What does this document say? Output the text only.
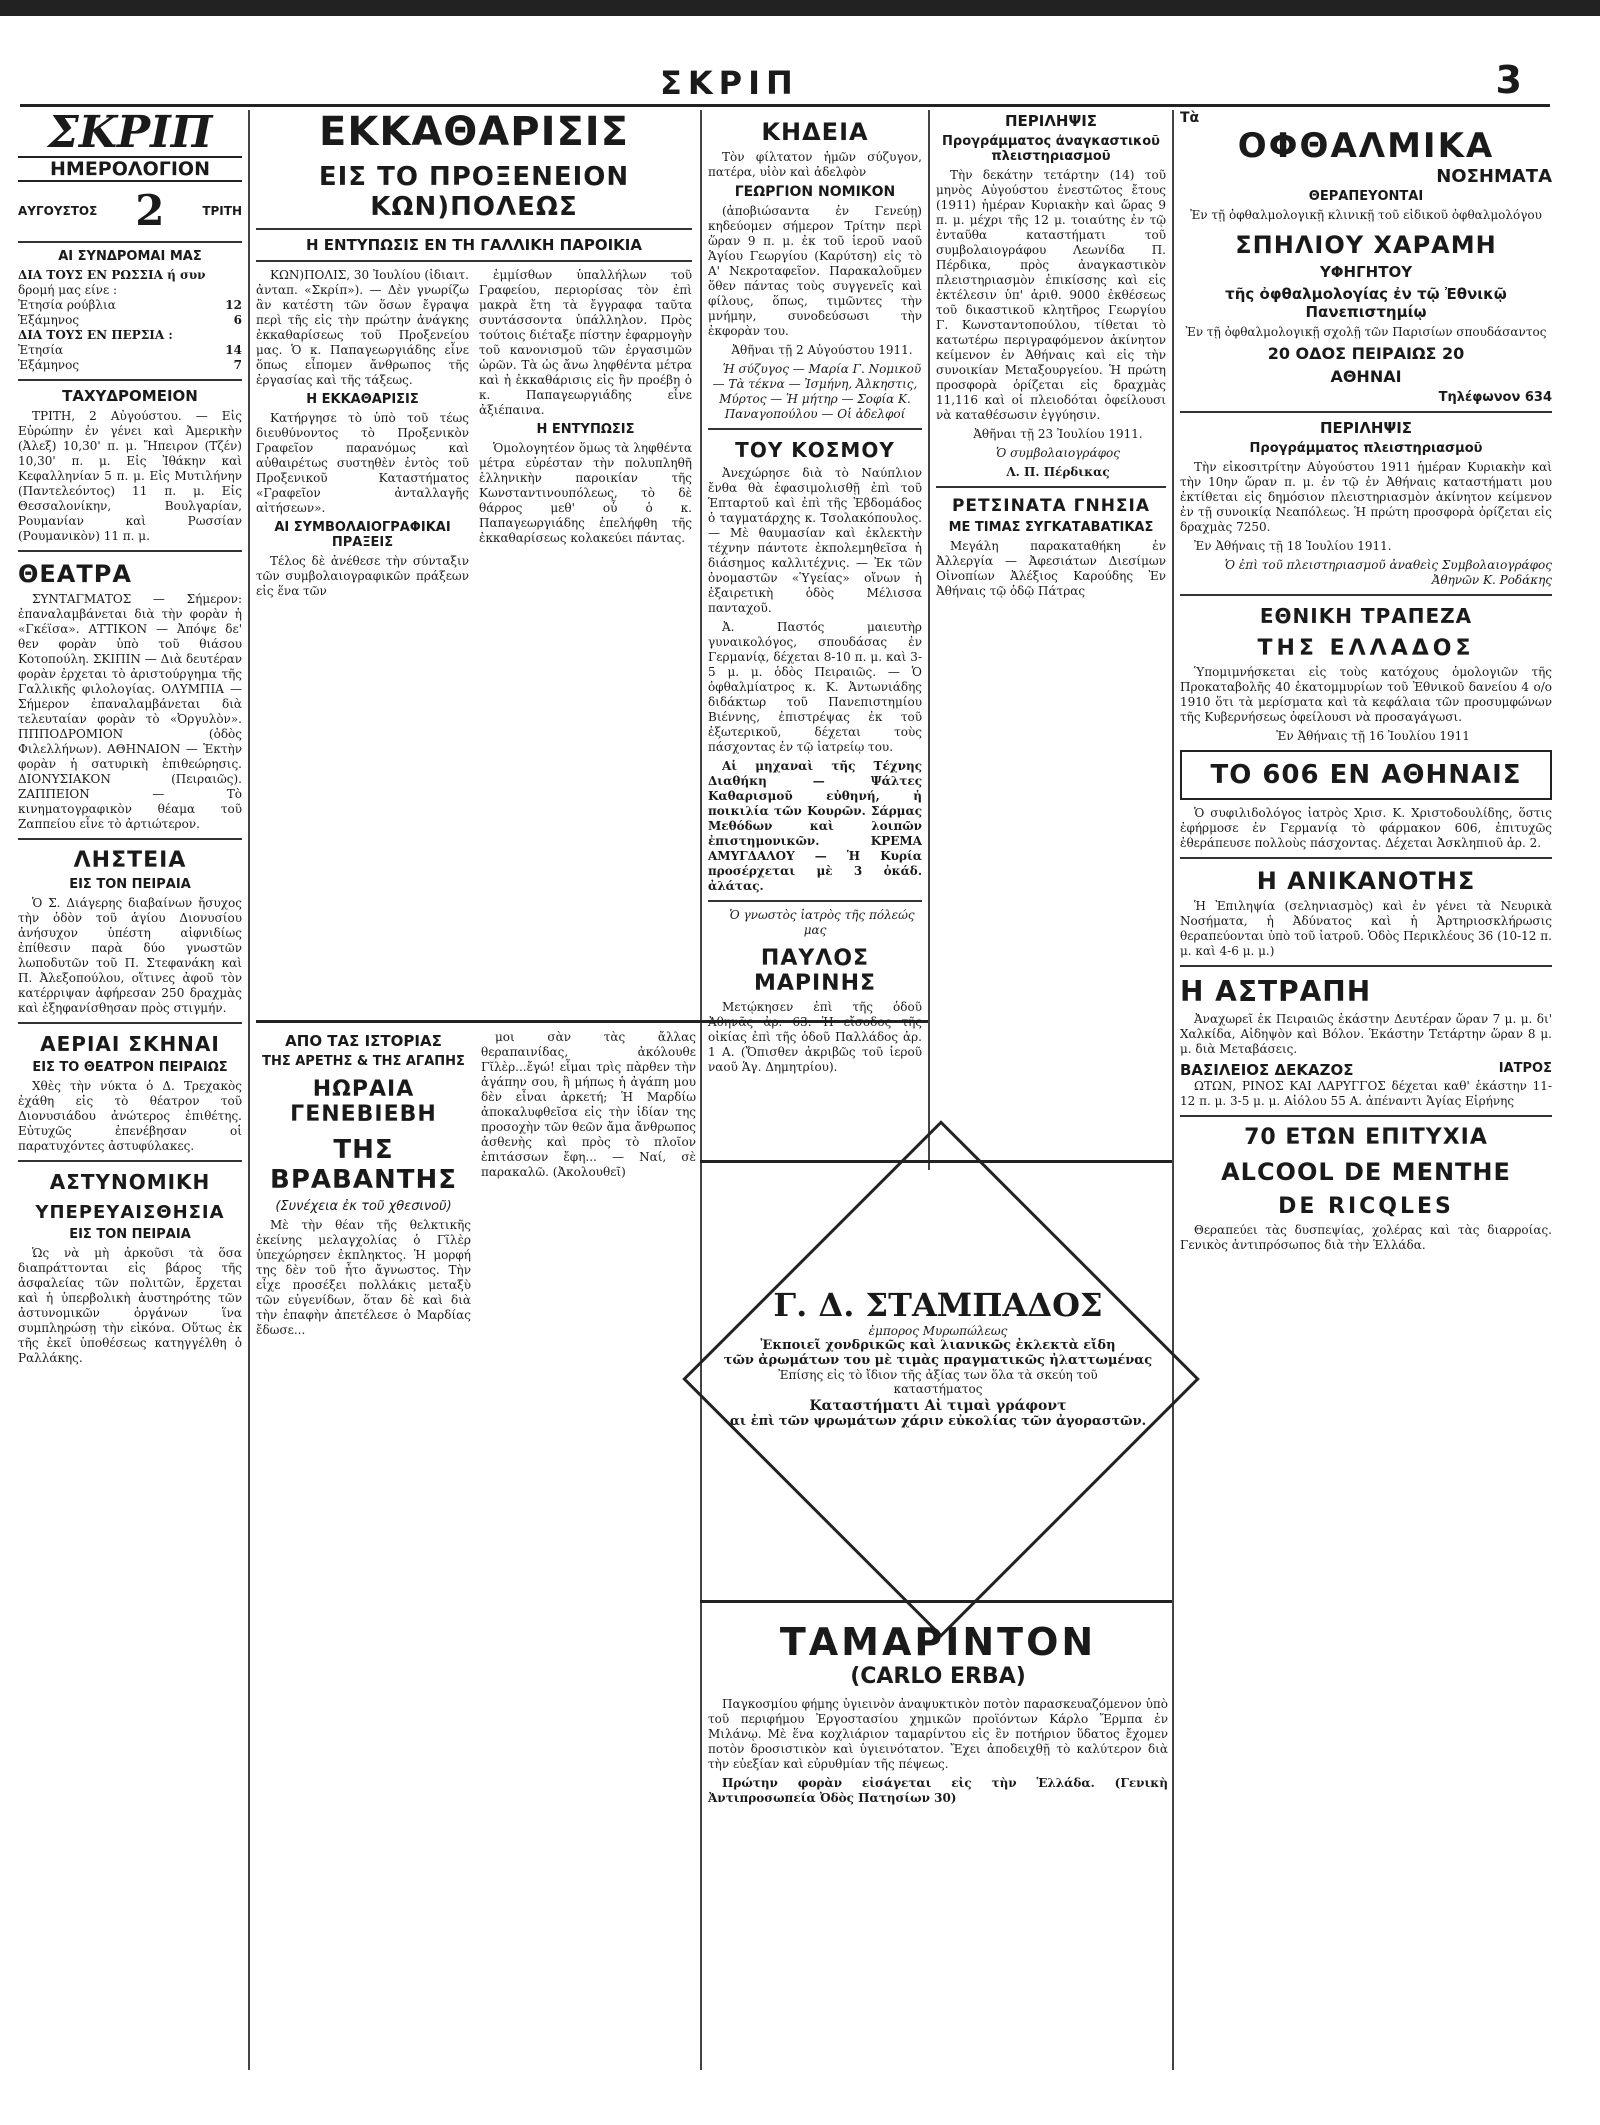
ΣΚΡΙΠ	3
ΣΚΡΙΠ
ΗΜΕΡΟΛΟΓΙΟΝ
ΑΥΓΟΥΣΤΟΣ 2	ΤΡΙΤΗ
ΑΙ ΣΥΝΔΡΟΜΑΙ ΜΑΣ
ΔΙΑ ΤΟΥΣ ΕΝ ΡΩΣΣΙΑ ή συν
δρομή μας είνε :
Ἐτησία ρούβλια	12
Ἑξάμηνος	6
ΔΙΑ ΤΟΥΣ ΕΝ ΠΕΡΣΙΑ :
Ἐτησία	14
Ἑξάμηνος	7
ΤΑΧΥΔΡΟΜΕΙΟΝ

ΤΡΙΤΗ, 2 Αὐγούστου. — Εἰς Εὐρώπην ἐν γένει καὶ Ἀμερικὴν (Ἀλεξ) 10,30' π. μ. Ἤπειρον (Τζέν) 10,30' π. μ. Εἰς Ἰθάκην καὶ Κεφαλληνίαν 5 π. μ. Εἰς Μυτιλήνην (Παντελεόντος) 11 π. μ. Εἰς Θεσσαλονίκην, Βουλγαρίαν, Ρουμανίαν καὶ Ρωσσίαν (Ρουμανικὸν) 11 π. μ.

ΘΕΑΤΡΑ

ΣΥΝΤΑΓΜΑΤΟΣ — Σήμερον: ἐπαναλαμβάνεται διὰ τὴν φορὰν ἡ «Γκέϊσα». ΑΤΤΙΚΟΝ — Ἀπόψε δε' θεν φορὰν ὑπὸ τοῦ θιάσου Κοτοπούλη. ΣΚΙΠΙΝ — Διὰ δευτέραν φορὰν ἐρχεται τὸ ἀριστούργημα τῆς Γαλλικῆς φιλολογίας. ΟΛΥΜΠΙΑ — Σήμερον ἐπαναλαμβάνεται διὰ τελευταίαν φορὰν τὸ «Ὀργυλὸν». ΠΠΠΟΔΡΟΜΙΟΝ (ὁδὸς Φιλελλήνων). ΑΘΗΝΑΙΟΝ — Ἑκτὴν φορὰν ἡ σατυρικὴ ἐπιθεώρησις. ΔΙΟΝΥΣΙΑΚΟΝ (Πειραιῶς). ΖΑΠΠΕΙΟΝ — Τὸ κινηματογραφικὸν θέαμα τοῦ Ζαππείου εἶνε τὸ ἀρτιώτερον.

ΛΗΣΤΕΙΑ
ΕΙΣ ΤΟΝ ΠΕΙΡΑΙΑ

Ὁ Σ. Διάγερης διαβαίνων ἤσυχος τὴν ὁδὸν τοῦ ἁγίου Διονυσίου ἀνήσυχον ὑπέστη αἰφνιδίως ἐπίθεσιν παρὰ δύο γνωστῶν λωποδυτῶν τοῦ Π. Στεφανάκη καὶ Π. Ἀλεξοπούλου, οἵτινες ἀφοῦ τὸν κατέρριψαν ἀφήρεσαν 250 δραχμὰς καὶ ἐξηφανίσθησαν πρὸς στιγμήν.

ΑΕΡΙΑΙ ΣΚΗΝΑΙ
ΕΙΣ ΤΟ ΘΕΑΤΡΟΝ ΠΕΙΡΑΙΩΣ

Χθὲς τὴν νύκτα ὁ Δ. Τρεχακὸς ἐχάθη εἰς τὸ θέατρον τοῦ Διονυσιάδου ἀνώτερος ἐπιθέτης. Εὐτυχῶς ἐπενέβησαν οἱ παρατυχόντες ἀστυφύλακες.

ΑΣΤΥΝΟΜΙΚΗ
ΥΠΕΡΕΥΑΙΣΘΗΣΙΑ
ΕΙΣ ΤΟΝ ΠΕΙΡΑΙΑ

Ὡς νὰ μὴ ἀρκοῦσι τὰ ὅσα διαπράττονται εἰς βάρος τῆς ἀσφαλείας τῶν πολιτῶν, ἔρχεται καὶ ἡ ὑπερβολικὴ ἀυστηρότης τῶν ἀστυνομικῶν ὀργάνων ἵνα συμπληρώσῃ τὴν εἰκόνα. Οὕτως ἐκ τῆς ἐκεῖ ὑποθέσεως κατηγγέλθη ὁ Ραλλάκης.

ΕΚΚΑΘΑΡΙΣΙΣ
ΕΙΣ ΤΟ ΠΡΟΞΕΝΕΙΟΝ ΚΩΝ)ΠΟΛΕΩΣ
Η ΕΝΤΥΠΩΣΙΣ ΕΝ ΤΗ ΓΑΛΛΙΚΗ ΠΑΡΟΙΚΙΑ

ΚΩΝ)ΠΟΛΙΣ, 30 Ἰουλίου (ἰδιαιτ. ἀνταπ. «Σκρίπ»). — Δὲν γνωρίζω ἂν κατέστη τῶν ὅσων ἔγραψα περὶ τῆς εἰς τὴν πρώτην ἀνάγκης ἐκκαθαρίσεως τοῦ Προξενείου μας. Ὁ κ. Παπαγεωργιάδης εἶνε ὅπως εἶπομεν ἄνθρωπος τῆς ἐργασίας καὶ τῆς τάξεως.

Η ΕΚΚΑΘΑΡΙΣΙΣ

Κατήργησε τὸ ὑπὸ τοῦ τέως διευθύνοντος τὸ Προξενικὸν Γραφεῖον παρανόμως καὶ αὐθαιρέτως συστηθὲν ἐντὸς τοῦ Προξενικοῦ Καταστήματος «Γραφεῖον ἀνταλλαγῆς αἰτήσεων».

ΑΙ ΣΥΜΒΟΛΑΙΟΓΡΑΦΙΚΑΙ ΠΡΑΞΕΙΣ

Τέλος δὲ ἀνέθεσε τὴν σύνταξιν τῶν συμβολαιογραφικῶν πράξεων εἰς ἕνα τῶν

ἐμμίσθων ὑπαλλήλων τοῦ Γραφείου, περιορίσας τὸν ἐπὶ μακρὰ ἔτη τὰ ἔγγραφα ταῦτα συντάσσοντα ὑπάλληλον. Πρὸς τούτοις διέταξε πίστην ἐφαρμογὴν τοῦ κανονισμοῦ τῶν ἐργασιμῶν ὡρῶν. Τὰ ὡς ἄνω ληφθέντα μέτρα καὶ ἡ ἐκκαθάρισις εἰς ἣν προέβη ὁ κ. Παπαγεωργιάδης εἶνε ἀξιέπαινα.

Η ΕΝΤΥΠΩΣΙΣ

Ὁμολογητέον ὅμως τὰ ληφθέντα μέτρα εὐρέσταν τὴν πολυπληθῆ ἑλληνικὴν παροικίαν τῆς Κωνσταντινουπόλεως, τὸ δὲ θάρρος μεθ' οὗ ὁ κ. Παπαγεωργιάδης ἐπελήφθη τῆς ἐκκαθαρίσεως κολακεύει πάντας.

ΑΠΟ ΤΑΣ ΙΣΤΟΡΙΑΣ
ΤΗΣ ΑΡΕΤΗΣ & ΤΗΣ ΑΓΑΠΗΣ
ΗΩΡΑΙΑ ΓΕΝΕΒΙΕΒΗ
ΤΗΣ ΒΡΑΒΑΝΤΗΣ
(Συνέχεια ἐκ τοῦ χθεσινοῦ)

Μὲ τὴν θέαν τῆς θελκτικῆς ἐκείνης μελαγχολίας ὁ Γῖλὲρ ὑπεχώρησεν ἐκπληκτος. Ἡ μορφή της δὲν τοῦ ἦτο ἄγνωστος. Τὴν εἶχε προσέξει πολλάκις μεταξὺ τῶν εὐγενίδων, ὅταν δὲ καὶ διὰ τὴν ἐπαφὴν ἀπετέλεσε ὁ Μαρδίας ἔδωσε...

μοι σὰν τὰς ἄλλας θεραπαινίδας, ἀκόλουθε Γῖλὲρ...ἔγώ! εἶμαι τρὶς πὰρθεν τὴν ἀγάπην σου, ἢ μήπως ἡ ἀγάπη μου δὲν εἶναι ἀρκετή; Ἡ Μαρδίω ἀποκαλυφθεῖσα εἰς τὴν ἰδίαν της προσοχὴν τῶν θεῶν ἄμα ἄνθρωπος ἀσθενὴς καὶ πρὸς τὸ πλοῖον ἐπιτάσσων ἔφη... — Ναί, σὲ παρακαλῶ. (Ἀκολουθεῖ)

ΚΗΔΕΙΑ

Τὸν φίλτατον ἡμῶν σύζυγον, πατέρα, υἱὸν καὶ ἀδελφὸν

ΓΕΩΡΓΙΟΝ ΝΟΜΙΚΟΝ

(ἀποβιώσαντα ἐν Γενεύῃ) κηδεύομεν σήμερον Τρίτην περὶ ὥραν 9 π. μ. ἐκ τοῦ ἱεροῦ ναοῦ Ἁγίου Γεωργίου (Καρύτση) εἰς τὸ Α' Νεκροταφεῖον. Παρακαλοῦμεν ὅθεν πάντας τοὺς συγγενεῖς καὶ φίλους, ὅπως, τιμῶντες τὴν μνήμην, συνοδεύσωσι τὴν ἐκφορὰν του.

Ἀθῆναι τῇ 2 Αὐγούστου 1911.

Ἡ σύζυγος — Μαρία Γ. Νομικοῦ — Τὰ τέκνα — Ἰσμήνη, Ἀλκηστις, Μύρτος — Ἡ μήτηρ — Σοφία Κ. Παναγοπούλου — Οἱ ἀδελφοί

ΤΟΥ ΚΟΣΜΟΥ

Ἀνεχώρησε διὰ τὸ Ναύπλιον ἔνθα θὰ ἐφασιμολισθῇ ἐπὶ τοῦ Ἑπταρτοῦ καὶ ἐπὶ τῆς Ἑβδομάδος ὁ ταγματάρχης κ. Τσολακόπουλος. — Μὲ θαυμασίαν καὶ ἐκλεκτὴν τέχνην πάντοτε ἐκπολεμηθεῖσα ἡ διάσημος καλλιτέχνις. — Ἐκ τῶν ὀνομαστῶν «Ὑγείας» οἴνων ἡ ἐξαιρετικὴ ὁδὸς Μέλισσα πανταχοῦ.

Ἀ. Παστός μαιευτὴρ γυναικολόγος, σπουδάσας ἐν Γερμανίᾳ, δέχεται 8-10 π. μ. καὶ 3-5 μ. μ. ὁδὸς Πειραιῶς. — Ὁ ὀφθαλμίατρος κ. Κ. Ἀντωνιάδης διδάκτωρ τοῦ Πανεπιστημίου Βιέννης, ἐπιστρέψας ἐκ τοῦ ἐξωτερικοῦ, δέχεται τοὺς πάσχοντας ἐν τῷ ἰατρείῳ του.

Αἱ μηχαναὶ τῆς Τέχνης Διαθήκη — Ψάλτες Καθαρισμοῦ εὐθηνή, ἡ ποικιλία τῶν Κουρῶν. Σάρμας Μεθόδων καὶ λοιπῶν ἐπιστημονικῶν. ΚΡΕΜΑ ΑΜΥΓΔΑΛΟΥ — Ἡ Κυρία προσέρχεται μὲ 3 ὀκάδ. ἀλάτας.

Ὁ γνωστὸς ἰατρὸς τῆς πόλεώς μας

ΠΑΥΛΟΣ ΜΑΡΙΝΗΣ

Μετῴκησεν ἐπὶ τῆς ὁδοῦ Ἀθηνᾶς ἀρ. 63. Ἡ εἴσοδος τῆς οἰκίας ἐπὶ τῆς ὁδοῦ Παλλάδος ἀρ. 1 Α. (Ὄπισθεν ἀκριβῶς τοῦ ἱεροῦ ναοῦ Ἁγ. Δημητρίου).

ΠΕΡΙΛΗΨΙΣ
Προγράμματος ἀναγκαστικοῦ πλειστηριασμοῦ

Τὴν δεκάτην τετάρτην (14) τοῦ μηνὸς Αὐγούστου ἐνεστῶτος ἔτους (1911) ἡμέραν Κυριακὴν καὶ ὥρας 9 π. μ. μέχρι τῆς 12 μ. τοιαύτης ἐν τῷ ἐνταῦθα καταστήματι τοῦ συμβολαιογράφου Λεωνίδα Π. Πέρδικα, πρὸς ἀναγκαστικὸν πλειστηριασμὸν ἐπικίσσης καὶ εἰς ἐκτέλεσιν ὑπ' ἀριθ. 9000 ἐκθέσεως τοῦ δικαστικοῦ κλητῆρος Γεωργίου Γ. Κωνσταντοπούλου, τίθεται τὸ κατωτέρω περιγραφόμενον ἀκίνητον κείμενον ἐν Ἀθήναις καὶ εἰς τὴν συνοικίαν Μεταξουργείου. Ἡ πρώτη προσφορὰ ὁρίζεται εἰς δραχμὰς 11,116 καὶ οἱ πλειοδόται ὀφείλουσι νὰ καταθέσωσιν ἐγγύησιν.

Ἀθῆναι τῇ 23 Ἰουλίου 1911.

Ὁ συμβολαιογράφος

Λ. Π. Πέρδικας

ΡΕΤΣΙΝΑΤΑ ΓΝΗΣΙΑ
ΜΕ ΤΙΜΑΣ ΣΥΓΚΑΤΑΒΑΤΙΚΑΣ

Μεγάλη παρακαταθήκη ἐν Ἀλλεργία — Ἀφεσιάτων Διεσίμων Οἰνοπίων Ἀλέξιος Καρούδης Ἐν Ἀθήναις τῷ ὁδῷ Πάτρας

Γ. Δ. ΣΤΑΜΠΑΔΟΣ
ἐμπορος Μυρωπώλεως
Ἐκποιεῖ χονδρικῶς καὶ λιανικῶς ἐκλεκτὰ εἴδη
τῶν ἀρωμάτων του μὲ τιμὰς πραγματικῶς ἠλαττωμένας
Ἐπίσης εἰς τὸ ἴδιον τῆς ἀξίας των ὅλα τὰ σκεύη τοῦ καταστήματος
Καταστήματι Αἰ τιμαὶ γράφοντ
αι ἐπὶ τῶν ψρωμάτων χάριν εὐκολίας τῶν ἀγοραστῶν.
ΤΑΜΑΡΙΝΤΟΝ
(CARLO ERBA)

Παγκοσμίου φήμης ὑγιεινὸν ἀναψυκτικὸν ποτὸν παρασκευαζόμενον ὑπὸ τοῦ περιφήμου Ἐργοστασίου χημικῶν προϊόντων Κάρλο Ἔρμπα ἐν Μιλάνῳ. Μὲ ἕνα κοχλιάριον ταμαρίντου εἰς ἓν ποτήριον ὕδατος ἔχομεν ποτὸν δροσιστικὸν καὶ ὑγιεινότατον. Ἔχει ἀποδειχθῇ τὸ καλύτερον διὰ τὴν εὐεξίαν καὶ εὐρυθμίαν τῆς πέψεως.

Πρώτην φορὰν εἰσάγεται εἰς τὴν Ἑλλάδα. (Γενικὴ Ἀντιπροσωπεία Ὀδὸς Πατησίων 30)

Τὰ
ΟΦΘΑΛΜΙΚΑ
ΝΟΣΗΜΑΤΑ
ΘΕΡΑΠΕΥΟΝΤΑΙ

Ἐν τῇ ὀφθαλμολογικῇ κλινικῇ τοῦ εἰδικοῦ ὀφθαλμολόγου

ΣΠΗΛΙΟΥ ΧΑΡΑΜΗ
ΥΦΗΓΗΤΟΥ
τῆς ὀφθαλμολογίας ἐν τῷ Ἐθνικῷ Πανεπιστημίῳ

Ἐν τῇ ὀφθαλμολογικῇ σχολῇ τῶν Παρισίων σπουδάσαντος

20 ΟΔΟΣ ΠΕΙΡΑΙΩΣ 20
ΑΘΗΝΑΙ
Τηλέφωνον 634
ΠΕΡΙΛΗΨΙΣ
Προγράμματος πλειστηριασμοῦ

Τὴν εἰκοσιτρίτην Αὐγούστου 1911 ἡμέραν Κυριακὴν καὶ τὴν 10ην ὥραν π. μ. ἐν τῷ ἐν Ἀθήναις καταστήματι μου ἐκτίθεται εἰς δημόσιον πλειστηριασμὸν ἀκίνητον κείμενον ἐν τῇ συνοικίᾳ Νεαπόλεως. Ἡ πρώτη προσφορὰ ὁρίζεται εἰς δραχμὰς 7250.

Ἐν Ἀθήναις τῇ 18 Ἰουλίου 1911.

Ὁ ἐπὶ τοῦ πλειστηριασμοῦ ἀναθεὶς Συμβολαιογράφος Ἀθηνῶν Κ. Ροδάκης

ΕΘΝΙΚΗ ΤΡΑΠΕΖΑ
ΤΗΣ ΕΛΛΑΔΟΣ

Ὑπομιμνήσκεται εἰς τοὺς κατόχους ὁμολογιῶν τῆς Προκαταβολῆς 40 ἑκατομμυρίων τοῦ Ἐθνικοῦ δανείου 4 ο/ο 1910 ὅτι τὰ μερίσματα καὶ τὰ κεφάλαια τῶν προσυμφώνων τῆς Κυβερνήσεως ὀφείλουσι νὰ προσαγάγωσι.

Ἐν Ἀθήναις τῇ 16 Ἰουλίου 1911

ΤΟ 606 ΕΝ ΑΘΗΝΑΙΣ

Ὁ συφιλιδολόγος ἰατρὸς Χρισ. Κ. Χριστοδουλίδης, ὅστις ἐφήρμοσε ἐν Γερμανίᾳ τὸ φάρμακον 606, ἐπιτυχῶς ἐθεράπευσε πολλοὺς πάσχοντας. Δέχεται Ἀσκληπιοῦ ἀρ. 2.

Η ΑΝΙΚΑΝΟΤΗΣ

Ἡ Ἐπιληψία (σεληνιασμὸς) καὶ ἐν γένει τὰ Νευρικὰ Νοσήματα, ἡ Ἀδύνατος καὶ ἡ Ἀρτηριοσκλήρωσις θεραπεύονται ὑπὸ τοῦ ἰατροῦ. Ὁδὸς Περικλέους 36 (10-12 π. μ. καὶ 4-6 μ. μ.)

Η ΑΣΤΡΑΠΗ

Ἀναχωρεῖ ἐκ Πειραιῶς ἑκάστην Δευτέραν ὥραν 7 μ. μ. δι' Χαλκίδα, Αἰδηψὸν καὶ Βόλον. Ἑκάστην Τετάρτην ὥραν 8 μ. μ. διὰ Μεταβάσεις.

ΒΑΣΙΛΕΙΟΣ ΔΕΚΑΖΟΣ	ΙΑΤΡΟΣ

ΩΤΩΝ, ΡΙΝΟΣ ΚΑΙ ΛΑΡΥΓΓΟΣ δέχεται καθ' ἑκάστην 11-12 π. μ. 3-5 μ. μ. Αἰόλου 55 Α. ἀπέναντι Ἁγίας Εἰρήνης

70 ΕΤΩΝ ΕΠΙΤΥΧΙΑ
ALCOOL DE MENTHE
DE RICQLES

Θεραπεύει τὰς δυσπεψίας, χολέρας καὶ τὰς διαρροίας. Γενικὸς ἀντιπρόσωπος διὰ τὴν Ἑλλάδα.
